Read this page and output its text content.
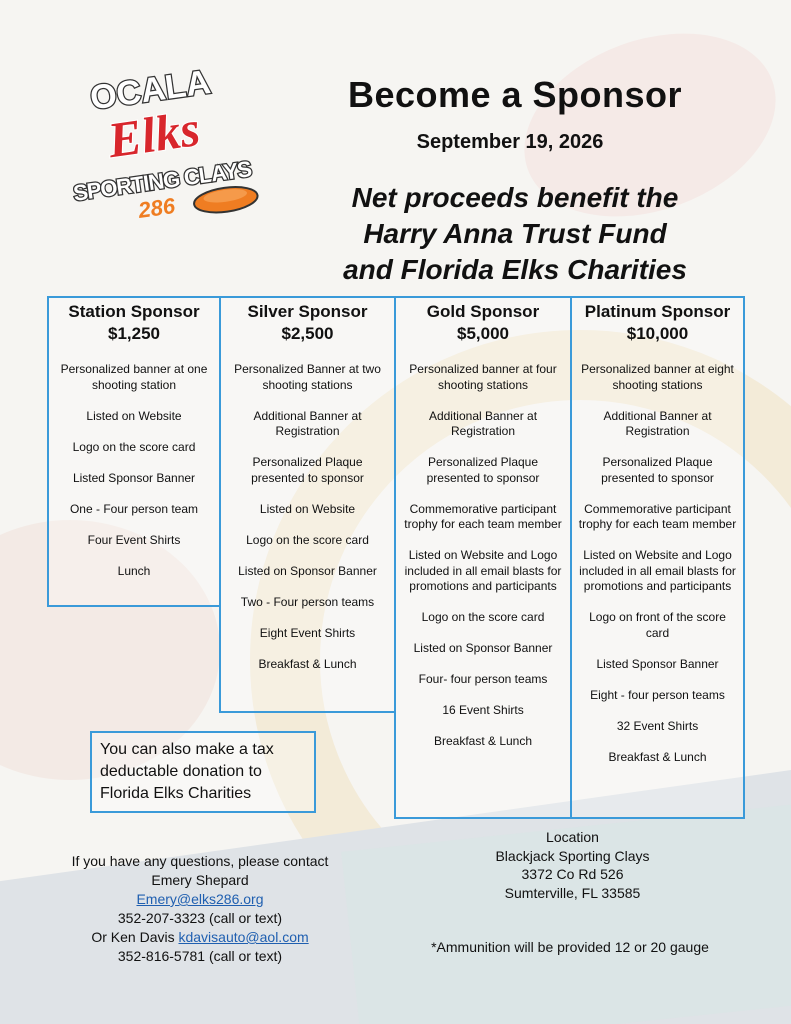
OCALA
Elks
SPORTING CLAYS
286
Become a Sponsor
September 19, 2026
Net proceeds benefit the
Harry Anna Trust Fund
and Florida Elks Charities
Station Sponsor
$1,250
Personalized banner at one shooting station
Listed on Website
Logo on the score card
Listed Sponsor Banner
One - Four person team
Four Event Shirts
Lunch
Silver Sponsor
$2,500
Personalized Banner at two shooting stations
Additional Banner at Registration
Personalized Plaque presented to sponsor
Listed on Website
Logo on the score card
Listed on Sponsor Banner
Two - Four person teams
Eight Event Shirts
Breakfast & Lunch
Gold Sponsor
$5,000
Personalized banner at four shooting stations
Additional Banner at Registration
Personalized Plaque presented to sponsor
Commemorative participant trophy for each team member
Listed on Website and Logo included in all email blasts for promotions and participants
Logo on the score card
Listed on Sponsor Banner
Four- four person teams
16 Event Shirts
Breakfast & Lunch
Platinum Sponsor
$10,000
Personalized banner at eight shooting stations
Additional Banner at Registration
Personalized Plaque presented to sponsor
Commemorative participant trophy for each team member
Listed on Website and Logo included in all email blasts for promotions and participants
Logo on front of the score card
Listed Sponsor Banner
Eight - four person teams
32 Event Shirts
Breakfast & Lunch
You can also make a tax deductable donation to Florida Elks Charities
If you have any questions, please contact
Emery Shepard
Emery@elks286.org
352-207-3323 (call or text)
Or Ken Davis kdavisauto@aol.com
352-816-5781 (call or text)
Location
Blackjack Sporting Clays
3372 Co Rd 526
Sumterville, FL 33585
*Ammunition will be provided 12 or 20 gauge
